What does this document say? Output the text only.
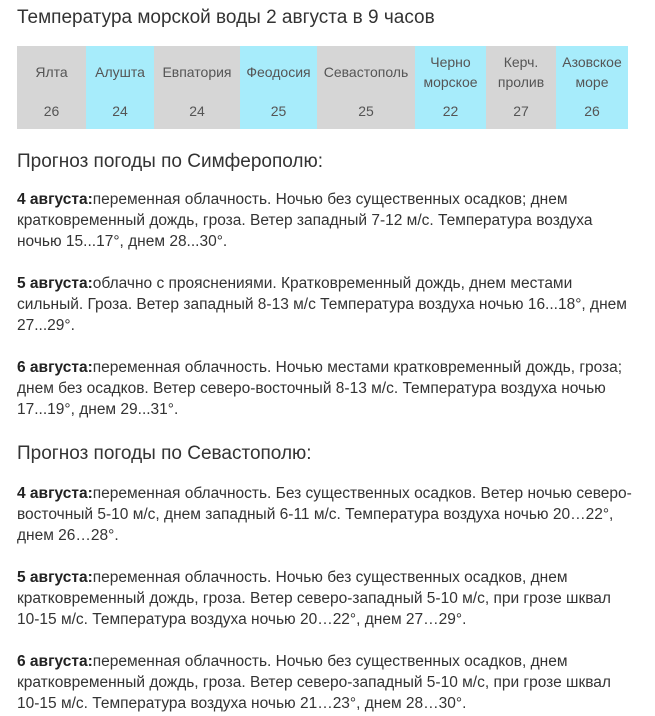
Температура морской воды 2 августа в 9 часов
Ялта
26
Алушта
24
Евпатория
24
Феодосия
25
Севастополь
25
Черно
морское
22
Керч.
пролив
27
Азовское
море
26
Прогноз погоды по Симферополю:

4 августа:переменная облачность. Ночью без существенных осадков; днем кратковременный дождь, гроза. Ветер западный 7-12 м/с. Температура воздуха ночью 15...17°, днем 28...30°.

5 августа:облачно с прояснениями. Кратковременный дождь, днем местами сильный. Гроза. Ветер западный 8-13 м/с Температура воздуха ночью 16...18°, днем 27...29°.

6 августа:переменная облачность. Ночью местами кратковременный дождь, гроза; днем без осадков. Ветер северо-восточный 8-13 м/с. Температура воздуха ночью 17...19°, днем 29...31°.

Прогноз погоды по Севастополю:

4 августа:переменная облачность. Без существенных осадков. Ветер ночью северо-восточный 5-10 м/с, днем западный 6-11 м/с. Температура воздуха ночью 20…22°, днем 26…28°.

5 августа:переменная облачность. Ночью без существенных осадков, днем кратковременный дождь, гроза. Ветер северо-западный 5-10 м/с, при грозе шквал 10-15 м/с. Температура воздуха ночью 20…22°, днем 27…29°.

6 августа:переменная облачность. Ночью без существенных осадков, днем кратковременный дождь, гроза. Ветер северо-западный 5-10 м/с, при грозе шквал 10-15 м/с. Температура воздуха ночью 21…23°, днем 28…30°.
